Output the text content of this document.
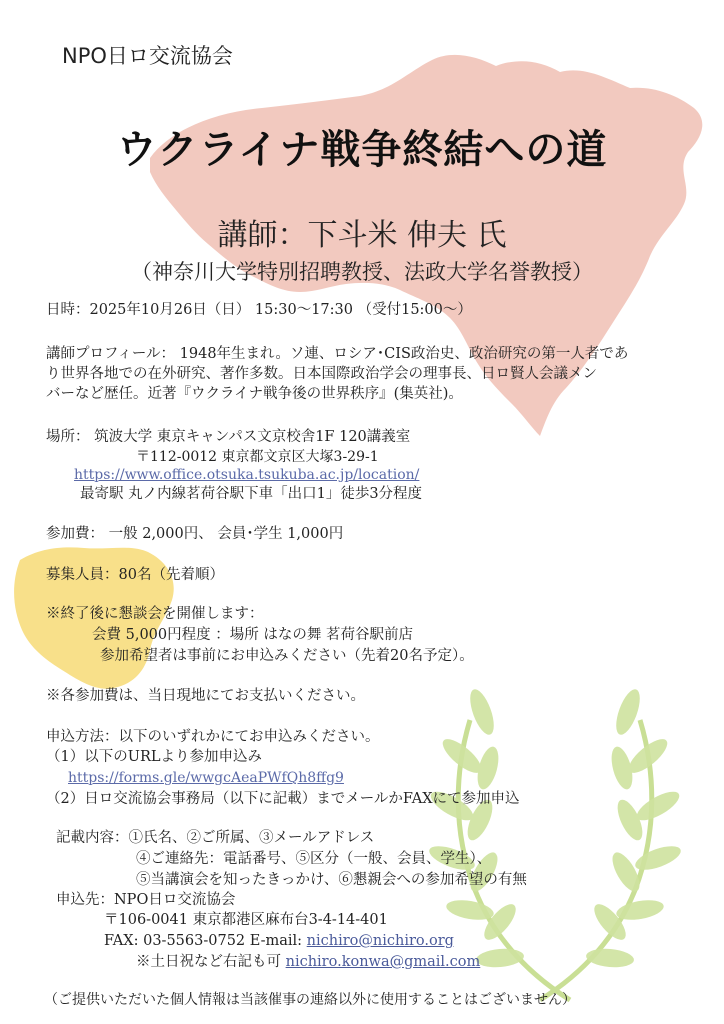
NPO日ロ交流協会
ウクライナ戦争終結への道
講師：下斗米 伸夫 氏
（神奈川大学特別招聘教授、法政大学名誉教授）
日時：2025年10月26日（日） 15:30～17:30 （受付15:00～）
講師プロフィール： 1948年生まれ。ソ連、ロシア･CIS政治史、政治研究の第一人者であ
り世界各地での在外研究、著作多数。日本国際政治学会の理事長、日ロ賢人会議メン
バーなど歴任。近著『ウクライナ戦争後の世界秩序』(集英社)。
場所： 筑波大学 東京キャンパス文京校舎1F 120講義室
〒112-0012 東京都文京区大塚3-29-1
https://www.office.otsuka.tsukuba.ac.jp/location/
最寄駅 丸ノ内線茗荷谷駅下車「出口1」徒歩3分程度
参加費： 一般 2,000円、 会員･学生 1,000円
募集人員：80名（先着順）
※終了後に懇談会を開催します：
会費 5,000円程度 ：場所 はなの舞 茗荷谷駅前店
参加希望者は事前にお申込みください（先着20名予定）。
※各参加費は、当日現地にてお支払いください。
申込方法：以下のいずれかにてお申込みください。
（1）以下のURLより参加申込み
https://forms.gle/wwgcAeaPWfQh8ffg9
（2）日ロ交流協会事務局（以下に記載）までメールかFAXにて参加申込
記載内容：①氏名、②ご所属、③メールアドレス
④ご連絡先：電話番号、⑤区分（一般、会員、学生）、
⑤当講演会を知ったきっかけ、⑥懇親会への参加希望の有無
申込先：NPO日ロ交流協会
〒106-0041 東京都港区麻布台3-4-14-401
FAX: 03-5563-0752 E-mail: nichiro@nichiro.org
※土日祝など右記も可 nichiro.konwa@gmail.com
（ご提供いただいた個人情報は当該催事の連絡以外に使用することはございません）
